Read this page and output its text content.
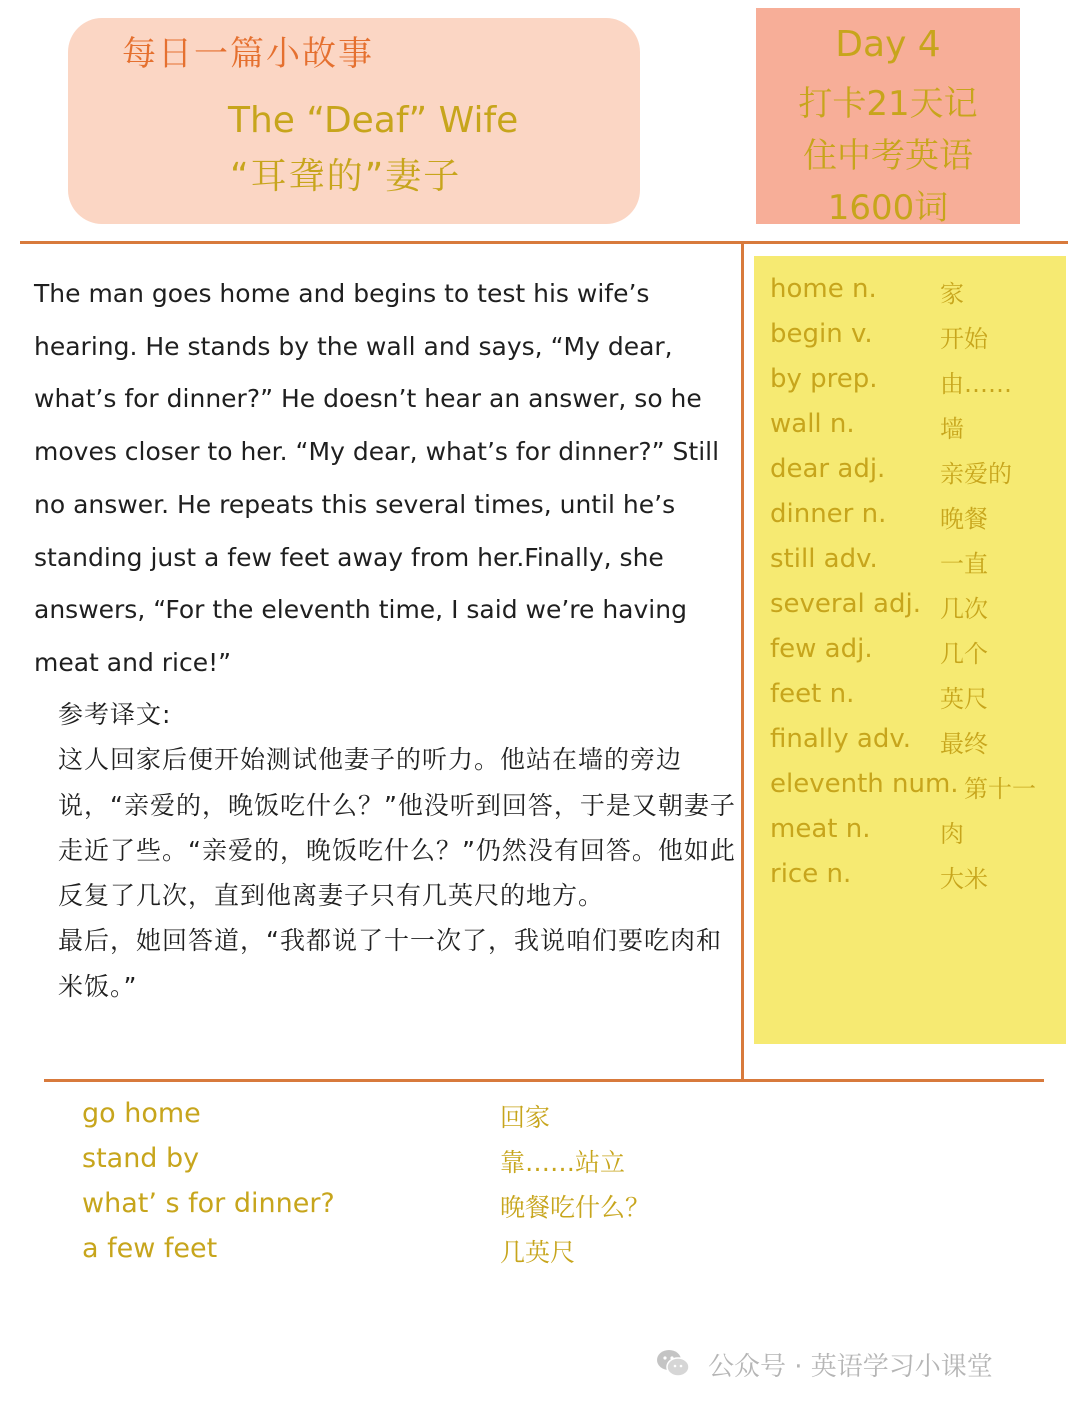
每日一篇小故事
The “Deaf” Wife
“耳聋的”妻子
Day 4
打卡21天记
住中考英语
1600词
The man goes home and begins to test his wife’s hearing. He stands by the wall and says, “My dear, what’s for dinner?” He doesn’t hear an answer, so he moves closer to her. “My dear, what’s for dinner?” Still no answer. He repeats this several times, until he’s standing just a few feet away from her.Finally, she answers, “For the eleventh time, I said we’re having meat and rice!”

参考译文:

这人回家后便开始测试他妻子的听力。他站在墙的旁边说，“亲爱的，晚饭吃什么？”他没听到回答，于是又朝妻子走近了些。“亲爱的，晚饭吃什么？”仍然没有回答。他如此反复了几次，直到他离妻子只有几英尺的地方。

最后，她回答道，“我都说了十一次了，我说咱们要吃肉和米饭。”

home n.	家
begin v.	开始
by prep.	由……
wall n.	墙
dear adj. 亲爱的
dinner n. 晚餐
still adv.	一直
several adj. 几次
few adj.	几个
feet n.	英尺
finally adv. 最终
eleventh num. 第十一
meat n.	肉
rice n.	大米
go home	回家
stand by	靠……站立
what’ s for dinner?	晚餐吃什么？
a few feet	几英尺
公众号 · 英语学习小课堂
